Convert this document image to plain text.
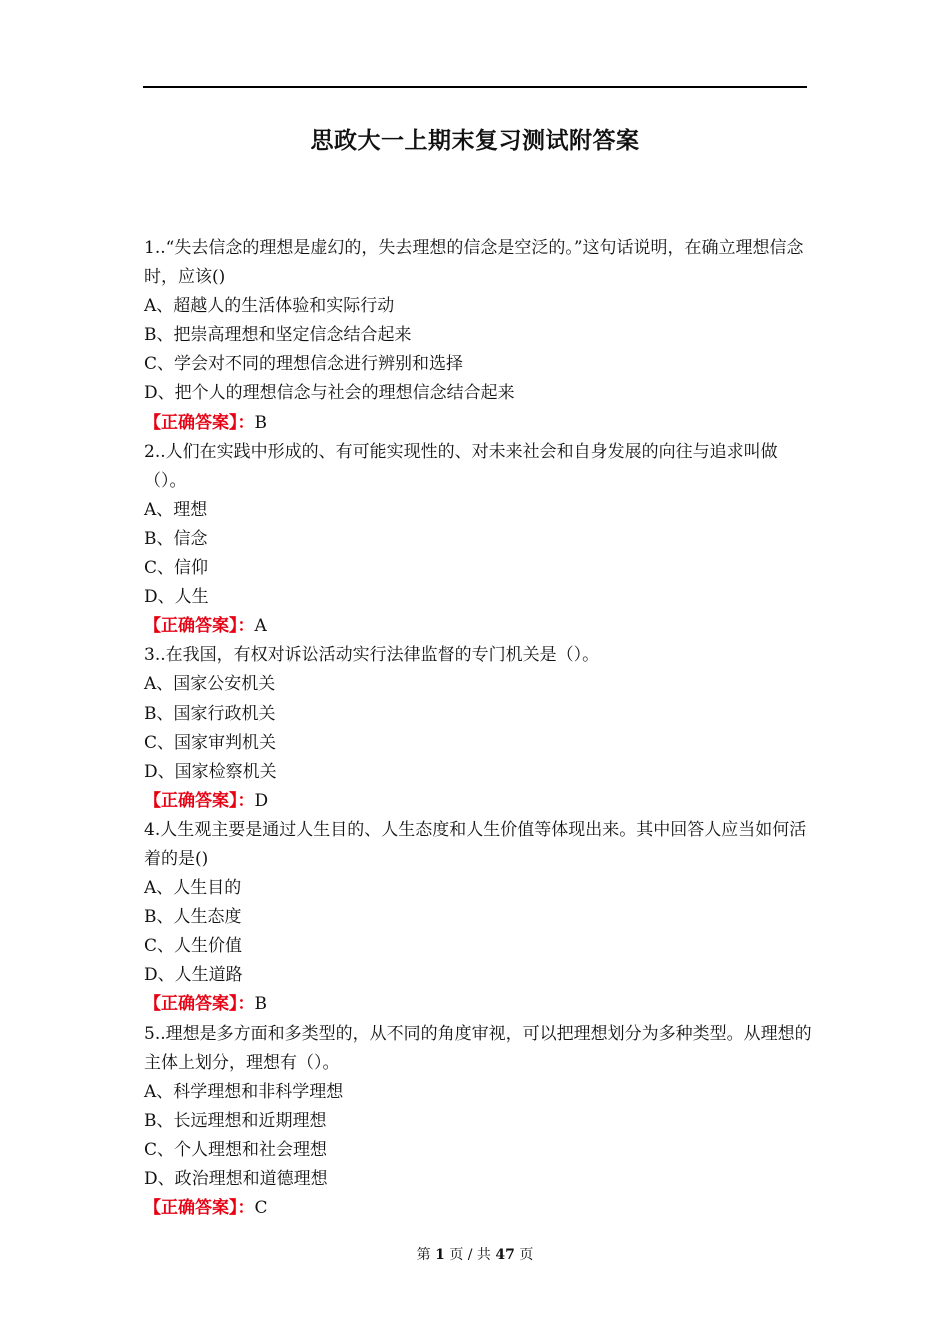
思政大一上期末复习测试附答案
1..“失去信念的理想是虚幻的，失去理想的信念是空泛的。”这句话说明，在确立理想信念时，应该()
A、超越人的生活体验和实际行动
B、把崇高理想和坚定信念结合起来
C、学会对不同的理想信念进行辨别和选择
D、把个人的理想信念与社会的理想信念结合起来
【正确答案】：B
2..人们在实践中形成的、有可能实现性的、对未来社会和自身发展的向往与追求叫做（）。
A、理想
B、信念
C、信仰
D、人生
【正确答案】：A
3..在我国，有权对诉讼活动实行法律监督的专门机关是（）。
A、国家公安机关
B、国家行政机关
C、国家审判机关
D、国家检察机关
【正确答案】：D
4.人生观主要是通过人生目的、人生态度和人生价值等体现出来。其中回答人应当如何活着的是()
A、人生目的
B、人生态度
C、人生价值
D、人生道路
【正确答案】：B
5..理想是多方面和多类型的，从不同的角度审视，可以把理想划分为多种类型。从理想的主体上划分，理想有（）。
A、科学理想和非科学理想
B、长远理想和近期理想
C、个人理想和社会理想
D、政治理想和道德理想
【正确答案】：C
第 1 页 / 共 47 页
